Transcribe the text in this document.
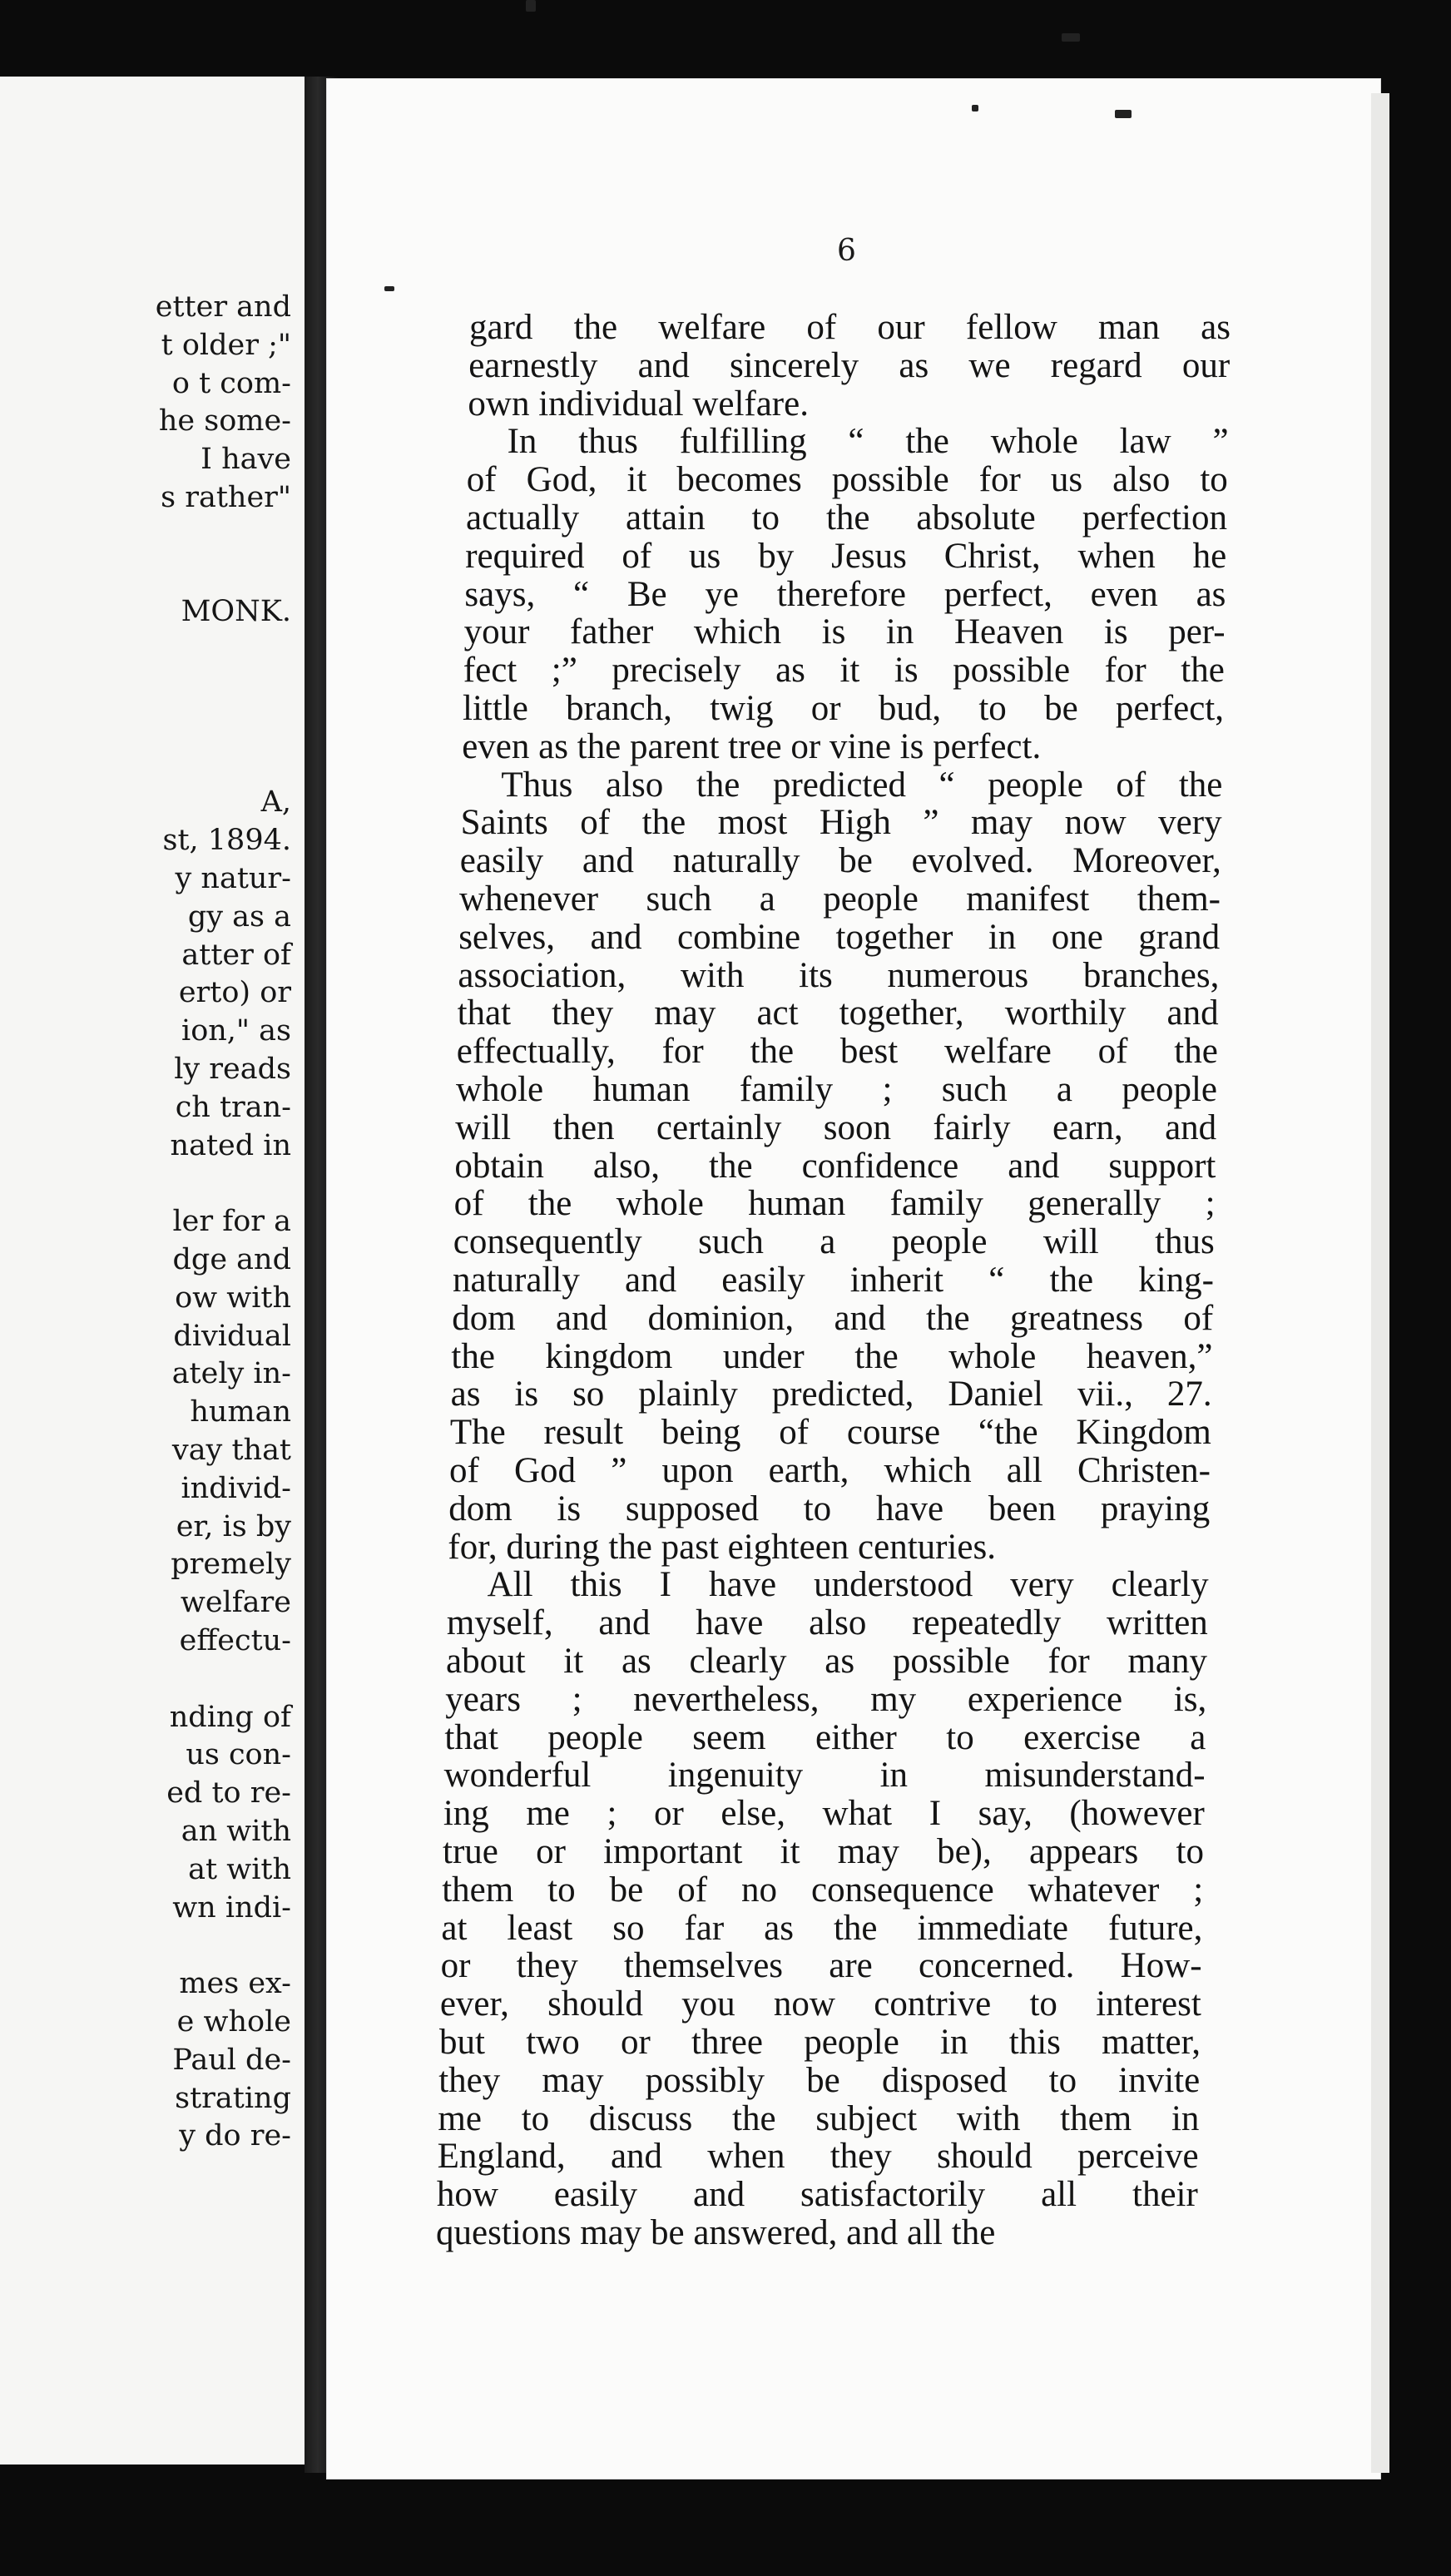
etter and
t older ;"
o t com-
he some-
I have
s rather"
MONK.
A,
st, 1894.
y natur-
gy as a
atter of
erto) or
ion," as
ly reads
ch tran-
nated in
ler for a
dge and
ow with
dividual
ately in-
human
vay that
individ-
er, is by
premely
welfare
effectu-
nding of
us con-
ed to re-
an with
at with
wn indi-
mes ex-
e whole
Paul de-
strating
y do re-
6
gard the welfare of our fellow man as
earnestly and sincerely as we regard our
own individual welfare.
In thus fulfilling “ the whole law ”
of God, it becomes possible for us also to
actually attain to the absolute perfection
required of us by Jesus Christ, when he
says, “ Be ye therefore perfect, even as
your father which is in Heaven is per-
fect ;” precisely as it is possible for the
little branch, twig or bud, to be perfect,
even as the parent tree or vine is perfect.
Thus also the predicted “ people of the
Saints of the most High ” may now very
easily and naturally be evolved. Moreover,
whenever such a people manifest them-
selves, and combine together in one grand
association, with its numerous branches,
that they may act together, worthily and
effectually, for the best welfare of the
whole human family ; such a people
will then certainly soon fairly earn, and
obtain also, the confidence and support
of the whole human family generally ;
consequently such a people will thus
naturally and easily inherit “ the king-
dom and dominion, and the greatness of
the kingdom under the whole heaven,”
as is so plainly predicted, Daniel vii., 27.
The result being of course “the Kingdom
of God ” upon earth, which all Christen-
dom is supposed to have been praying
for, during the past eighteen centuries.
All this I have understood very clearly
myself, and have also repeatedly written
about it as clearly as possible for many
years ; nevertheless, my experience is,
that people seem either to exercise a
wonderful ingenuity in misunderstand-
ing me ; or else, what I say, (however
true or important it may be), appears to
them to be of no consequence whatever ;
at least so far as the immediate future,
or they themselves are concerned. How-
ever, should you now contrive to interest
but two or three people in this matter,
they may possibly be disposed to invite
me to discuss the subject with them in
England, and when they should perceive
how easily and satisfactorily all their
questions may be answered, and all the
